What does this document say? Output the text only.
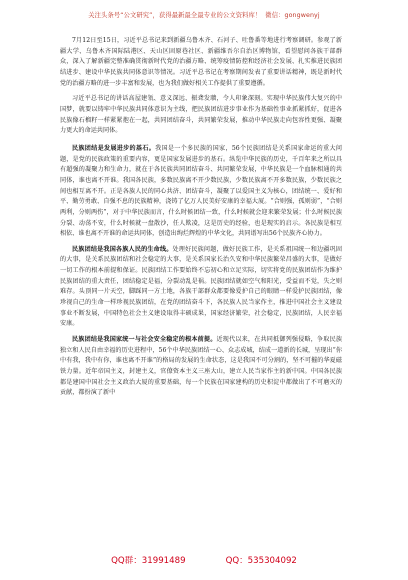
关注头条号“公文研究”，获得最新最全最专业的公文资料库！ 微信：gongwenyj

7月12日至15日，习近平总书记来到新疆乌鲁木齐、石河子、吐鲁番等地进行考察调研。参观了新疆大学、乌鲁木齐国际陆港区、天山区固原巷社区、新疆维吾尔自治区博物馆，看望慰问各族干部群众，深入了解新疆完整准确贯彻新时代党的治疆方略、统筹疫情防控和经济社会发展、扎实推进民族团结进步、建设中华民族共同体意识等情况。习近平总书记在考察期间发表了重要讲话精神，既是新时代党的治疆方略的进一步丰富和发展，也为我们做好相关工作提供了重要遵循。

习近平总书记的讲话高屋建瓴、意义深远、振聋发聩，令人印象深刻。实现中华民族伟大复兴的中国梦，就要以铸牢中华民族共同体意识为主线，把民族团结进步事业作为基础性事业抓紧抓好，促进各民族像石榴籽一样紧紧抱在一起，共同团结奋斗，共同繁荣发展，推动中华民族走向包容性更强、凝聚力更大的命运共同体。

民族团结是发展进步的基石。我国是一个多民族的国家，56个民族团结是关系国家命运的重大问题，是党的民族政策的重要内容，更是国家发展进步的基石。纵览中华民族的历史，千百年来之所以具有超强的凝聚力和生命力，就在于各民族共同团结奋斗、共同繁荣发展，中华民族是一个血脉相通的共同体，谁也离不开谁。我国各民族，多数民族离不开少数民族，少数民族离不开多数民族，少数民族之间也相互离不开。正是各族人民的同心共济、团结奋斗，凝聚了以爱国主义为核心，团结统一、爱好和平、勤劳勇敢、自强不息的民族精神，浇铸了亿万人民美好安康的幸福大厦。“合则强，孤则弱”，“合则两利，分则两伤”，对于中华民族而言，什么时候团结一致，什么时候就会迎来繁荣发展；什么时候民族分裂、动荡不安，什么时候就一盘散沙，任人欺凌，这是历史的经验，也是现实的启示。各民族是相互相依、谁也离不开谁的命运共同体，创造出绚烂辉煌的中华文化，共同谱写出56个民族齐心协力。

民族团结是我国各族人民的生命线。处理好民族问题，做好民族工作，是关系祖国统一和边疆巩固的大事，是关系民族团结和社会稳定的大事，是关系国家长治久安和中华民族繁荣昌盛的大事，是做好一切工作的根本前提和保证。民族团结工作要始终不忘初心和立足实际，切实将党的民族团结作为维护民族团结的重大责任，团结稳定是福，分裂动乱是祸。民族团结就如空气和阳光，受益而不觉，失之则难存。头顶同一片天空，脚踩同一方土地，各族干部群众都要像爱护自己的眼睛一样爱护民族团结，像珍视自己的生命一样珍视民族团结，在党的团结奋斗下，各民族人民当家作主，推进中国社会主义建设事业不断发展，中国特色社会主义建设取得丰硕成果，国家经济繁荣，社会稳定，民族团结，人民幸福安康。

民族团结是我国家统一与社会安全稳定的根本前提。近现代以来，在共同抵御列强侵略，争取民族独立和人民自由幸福的历史进程中，56个中华民族团结一心、众志成城，结成一道新的长城，呈现出“你中有我，我中有你，谁也离不开谁”的格局的发展的生命状态，这是我国不可分割的，坚不可摧的华夏磁铁力量。近年帝国主义，封建主义，官僚资本主义三座大山，建立人民当家作主的新中国。中国各民族都是建国中国社会主义政治大厦的重要基础，每一个民族在国家建构的历史积淀中都做出了不可磨灭的贡献，都扮演了新中

QQ群：31991489	QQ：535304092
